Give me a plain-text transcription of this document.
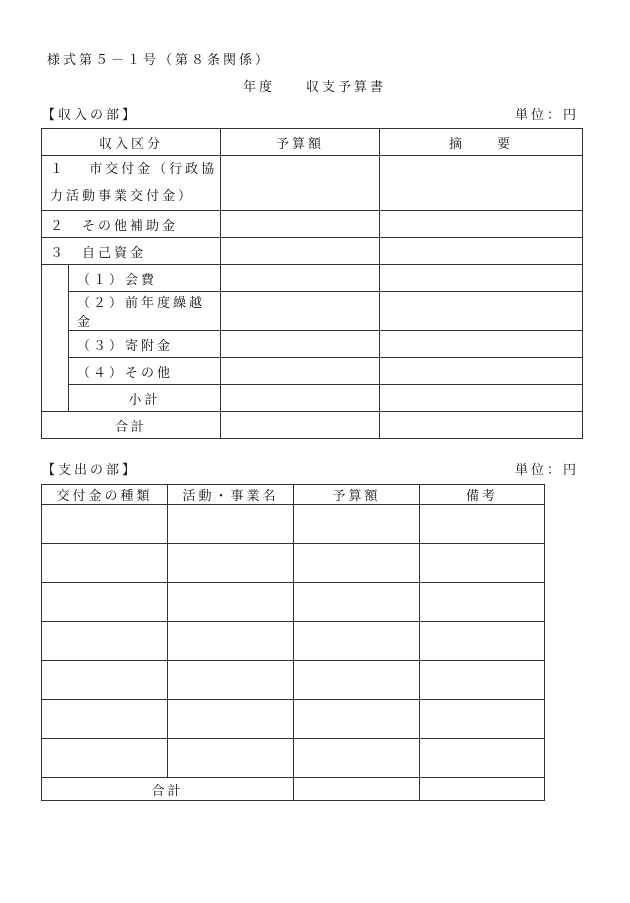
様式第５－１号（第８条関係）
年度 収支予算書
【収入の部】	単位：円
収入区分		予算額	摘　　要
１　 市交付金（行政協
力活動事業交付金）			
２　その他補助金			
３　自己資金			
	（１）会費		
	（２）前年度繰越金		
	（３）寄附金		
	（４）その他		
	小計		
合計			
【支出の部】	単位：円
交付金の種類	活動・事業名	予算額	備考

合計			
